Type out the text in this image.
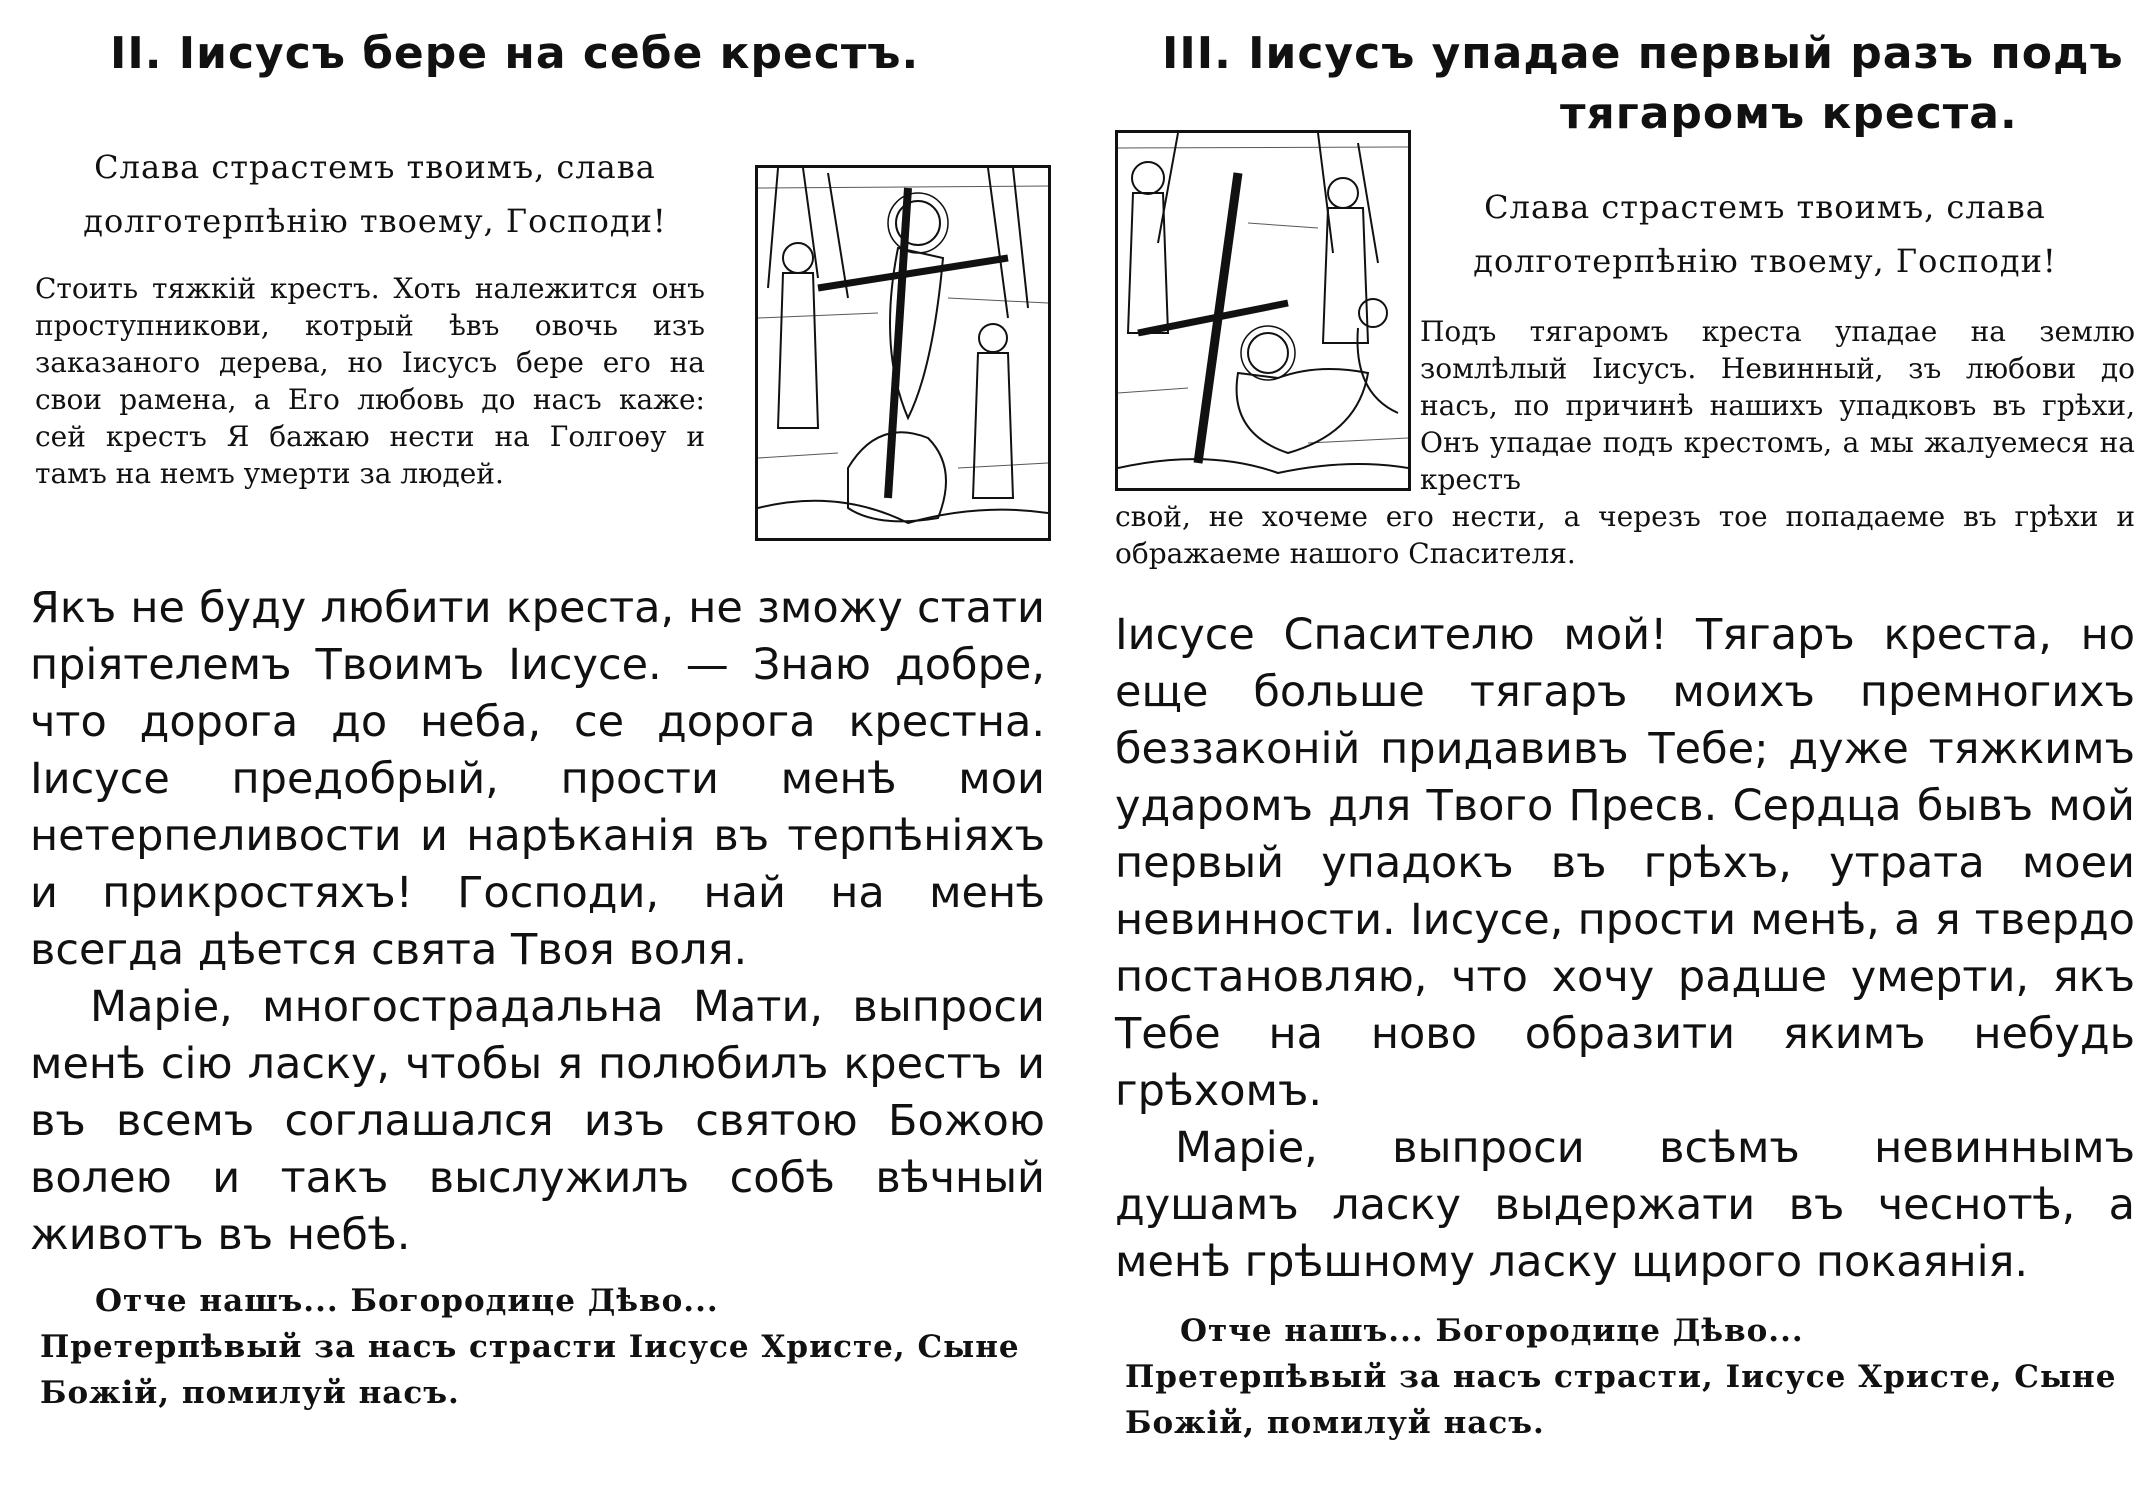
II. Іисусъ бере на себе крестъ.
Слава страстемъ твоимъ, слава долготерпѣнію твоему, Господи!
Стоить тяжкій крестъ. Хоть належится онъ проступникови, котрый ѣвъ овочь изъ заказаного дерева, но Іисусъ бере его на свои рамена, а Его любовь до насъ каже: сей крестъ Я бажаю нести на Голгоѳу и тамъ на немъ умерти за людей.

Якъ не буду любити креста, не зможу стати пріятелемъ Твоимъ Іисусе. — Знаю добре, что дорога до неба, се дорога крестна. Іисусе предобрый, прости менѣ мои нетерпеливости и нарѣканія въ терпѣніяхъ и прикростяхъ! Господи, най на менѣ всегда дѣется свята Твоя воля.

Маріе, многострадальна Мати, выпроси менѣ сію ласку, чтобы я полюбилъ крестъ и въ всемъ соглашался изъ святою Божою волею и такъ выслужилъ собѣ вѣчный животъ въ небѣ.

Отче нашъ... Богородице Дѣво...

Претерпѣвый за насъ страсти Іисусе Христе, Сыне Божій, помилуй насъ.

III. Іисусъ упадае первый разъ подъ
тягаромъ креста.
Слава страстемъ твоимъ, слава долготерпѣнію твоему, Господи!
Подъ тягаромъ креста упадае на землю зомлѣлый Іисусъ. Невинный, зъ любови до насъ, по причинѣ нашихъ упадковъ въ грѣхи, Онъ упадае подъ крестомъ, а мы жалуемеся на крестъ
свой, не хочеме его нести, а черезъ тое попадаеме въ грѣхи и ображаеме нашого Спасителя.

Іисусе Спасителю мой! Тягаръ креста, но еще больше тягаръ моихъ премногихъ беззаконій придавивъ Тебе; дуже тяжкимъ ударомъ для Твого Пресв. Сердца бывъ мой первый упадокъ въ грѣхъ, утрата моеи невинности. Іисусе, прости менѣ, а я твердо постановляю, что хочу радше умерти, якъ Тебе на ново образити якимъ небудь грѣхомъ.

Маріе, выпроси всѣмъ невиннымъ душамъ ласку выдержати въ чеснотѣ, а менѣ грѣшному ласку щирого покаянія.

Отче нашъ... Богородице Дѣво...

Претерпѣвый за насъ страсти, Іисусе Христе, Сыне Божій, помилуй насъ.
